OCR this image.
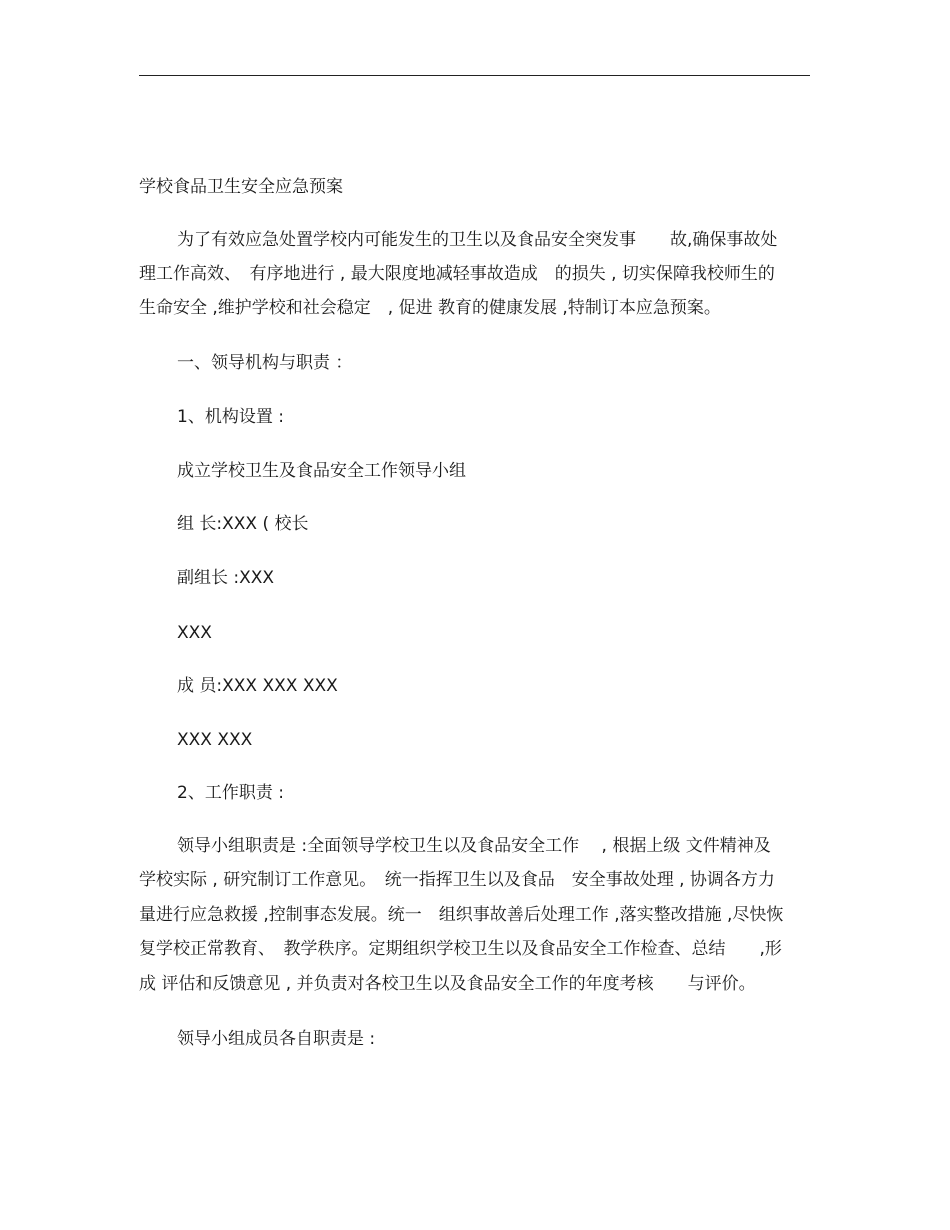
学校食品卫生安全应急预案
为了有效应急处置学校内可能发生的卫生以及食品安全突发事　　故,确保事故处
理工作高效、　有序地进行 , 最大限度地减轻事故造成　的损失 , 切实保障我校师生的
生命安全 ,维护学校和社会稳定　, 促进 教育的健康发展 ,特制订本应急预案。
一、领导机构与职责 ：
1、机构设置 :
成立学校卫生及食品安全工作领导小组
组 长:XXX ( 校长
副组长 :XXX
XXX
成 员:XXX XXX XXX
XXX XXX
2、工作职责 :
领导小组职责是 :全面领导学校卫生以及食品安全工作　 , 根据上级 文件精神及
学校实际 , 研究制订工作意见。　统一指挥卫生以及食品　安全事故处理 , 协调各方力
量进行应急救援 ,控制事态发展。统一　组织事故善后处理工作 ,落实整改措施 ,尽快恢
复学校正常教育、　教学秩序。定期组织学校卫生以及食品安全工作检查、总结　　,形
成 评估和反馈意见 , 并负责对各校卫生以及食品安全工作的年度考核　　与评价。
领导小组成员各自职责是 :
